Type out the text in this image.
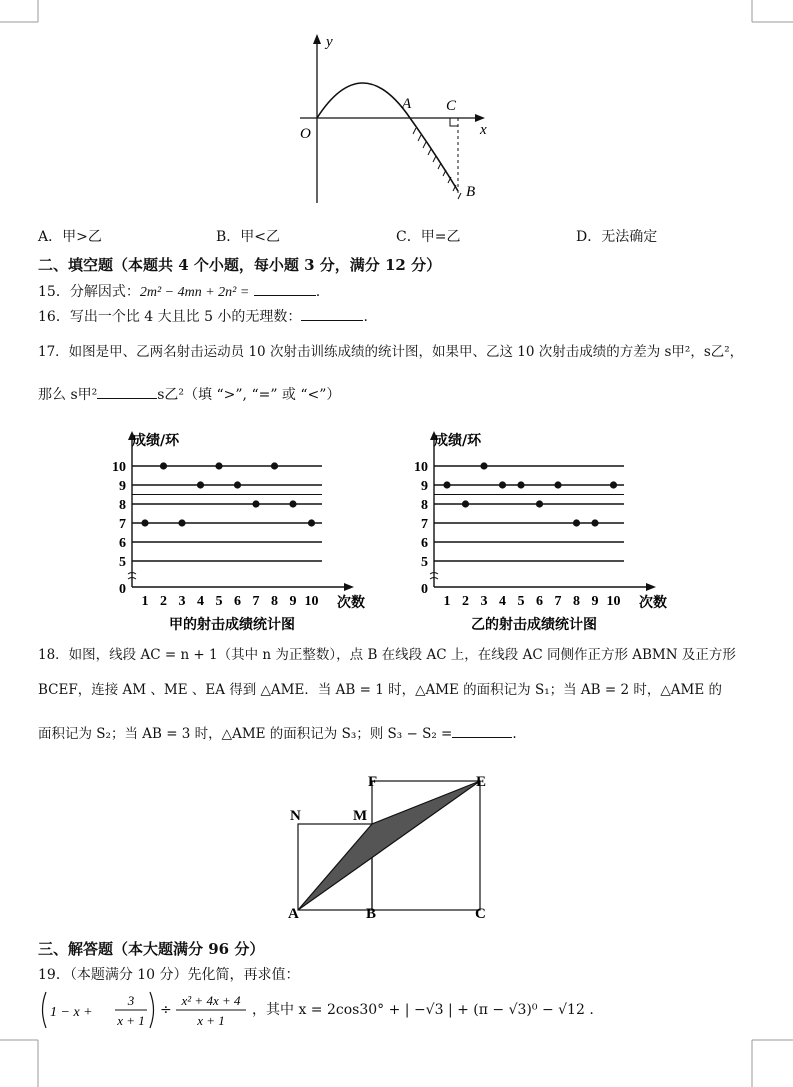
y
x
O
A C
B
A．甲>乙	B．甲<乙	C．甲=乙	D．无法确定
二、填空题（本题共 4 个小题，每小题 3 分，满分 12 分）
15．分解因式：2m² − 4mn + 2n² =	.
16．写出一个比 4 大且比 5 小的无理数：	.
17．如图是甲、乙两名射击运动员 10 次射击训练成绩的统计图，如果甲、乙这 10 次射击成绩的方差为 s甲²，s乙²，
那么 s甲²	s乙²（填 “>”, “=” 或 “<”）
5
6
7
8
9
10
0
1 2 3 4 5 6 7 8 9 10
成绩/环
次数
甲的射击成绩统计图
5
6
7
8
9
10
0
1 2 3 4 5 6 7 8 9 10
成绩/环
次数
乙的射击成绩统计图
18．如图，线段 AC = n + 1（其中 n 为正整数），点 B 在线段 AC 上，在线段 AC 同侧作正方形 ABMN 及正方形
BCEF，连接 AM 、ME 、EA 得到 △AME．当 AB = 1 时，△AME 的面积记为 S₁；当 AB = 2 时，△AME 的
面积记为 S₂；当 AB = 3 时，△AME 的面积记为 S₃；则 S₃ − S₂ =	.
N	M
F	E
A	B	C
三、解答题（本大题满分 96 分）
19．（本题满分 10 分）先化简，再求值：
1 − x +
3
x + 1
÷
x² + 4x + 4
x + 1
，其中 x = 2cos30° + | −√3 | + (π − √3)⁰ − √12 .
